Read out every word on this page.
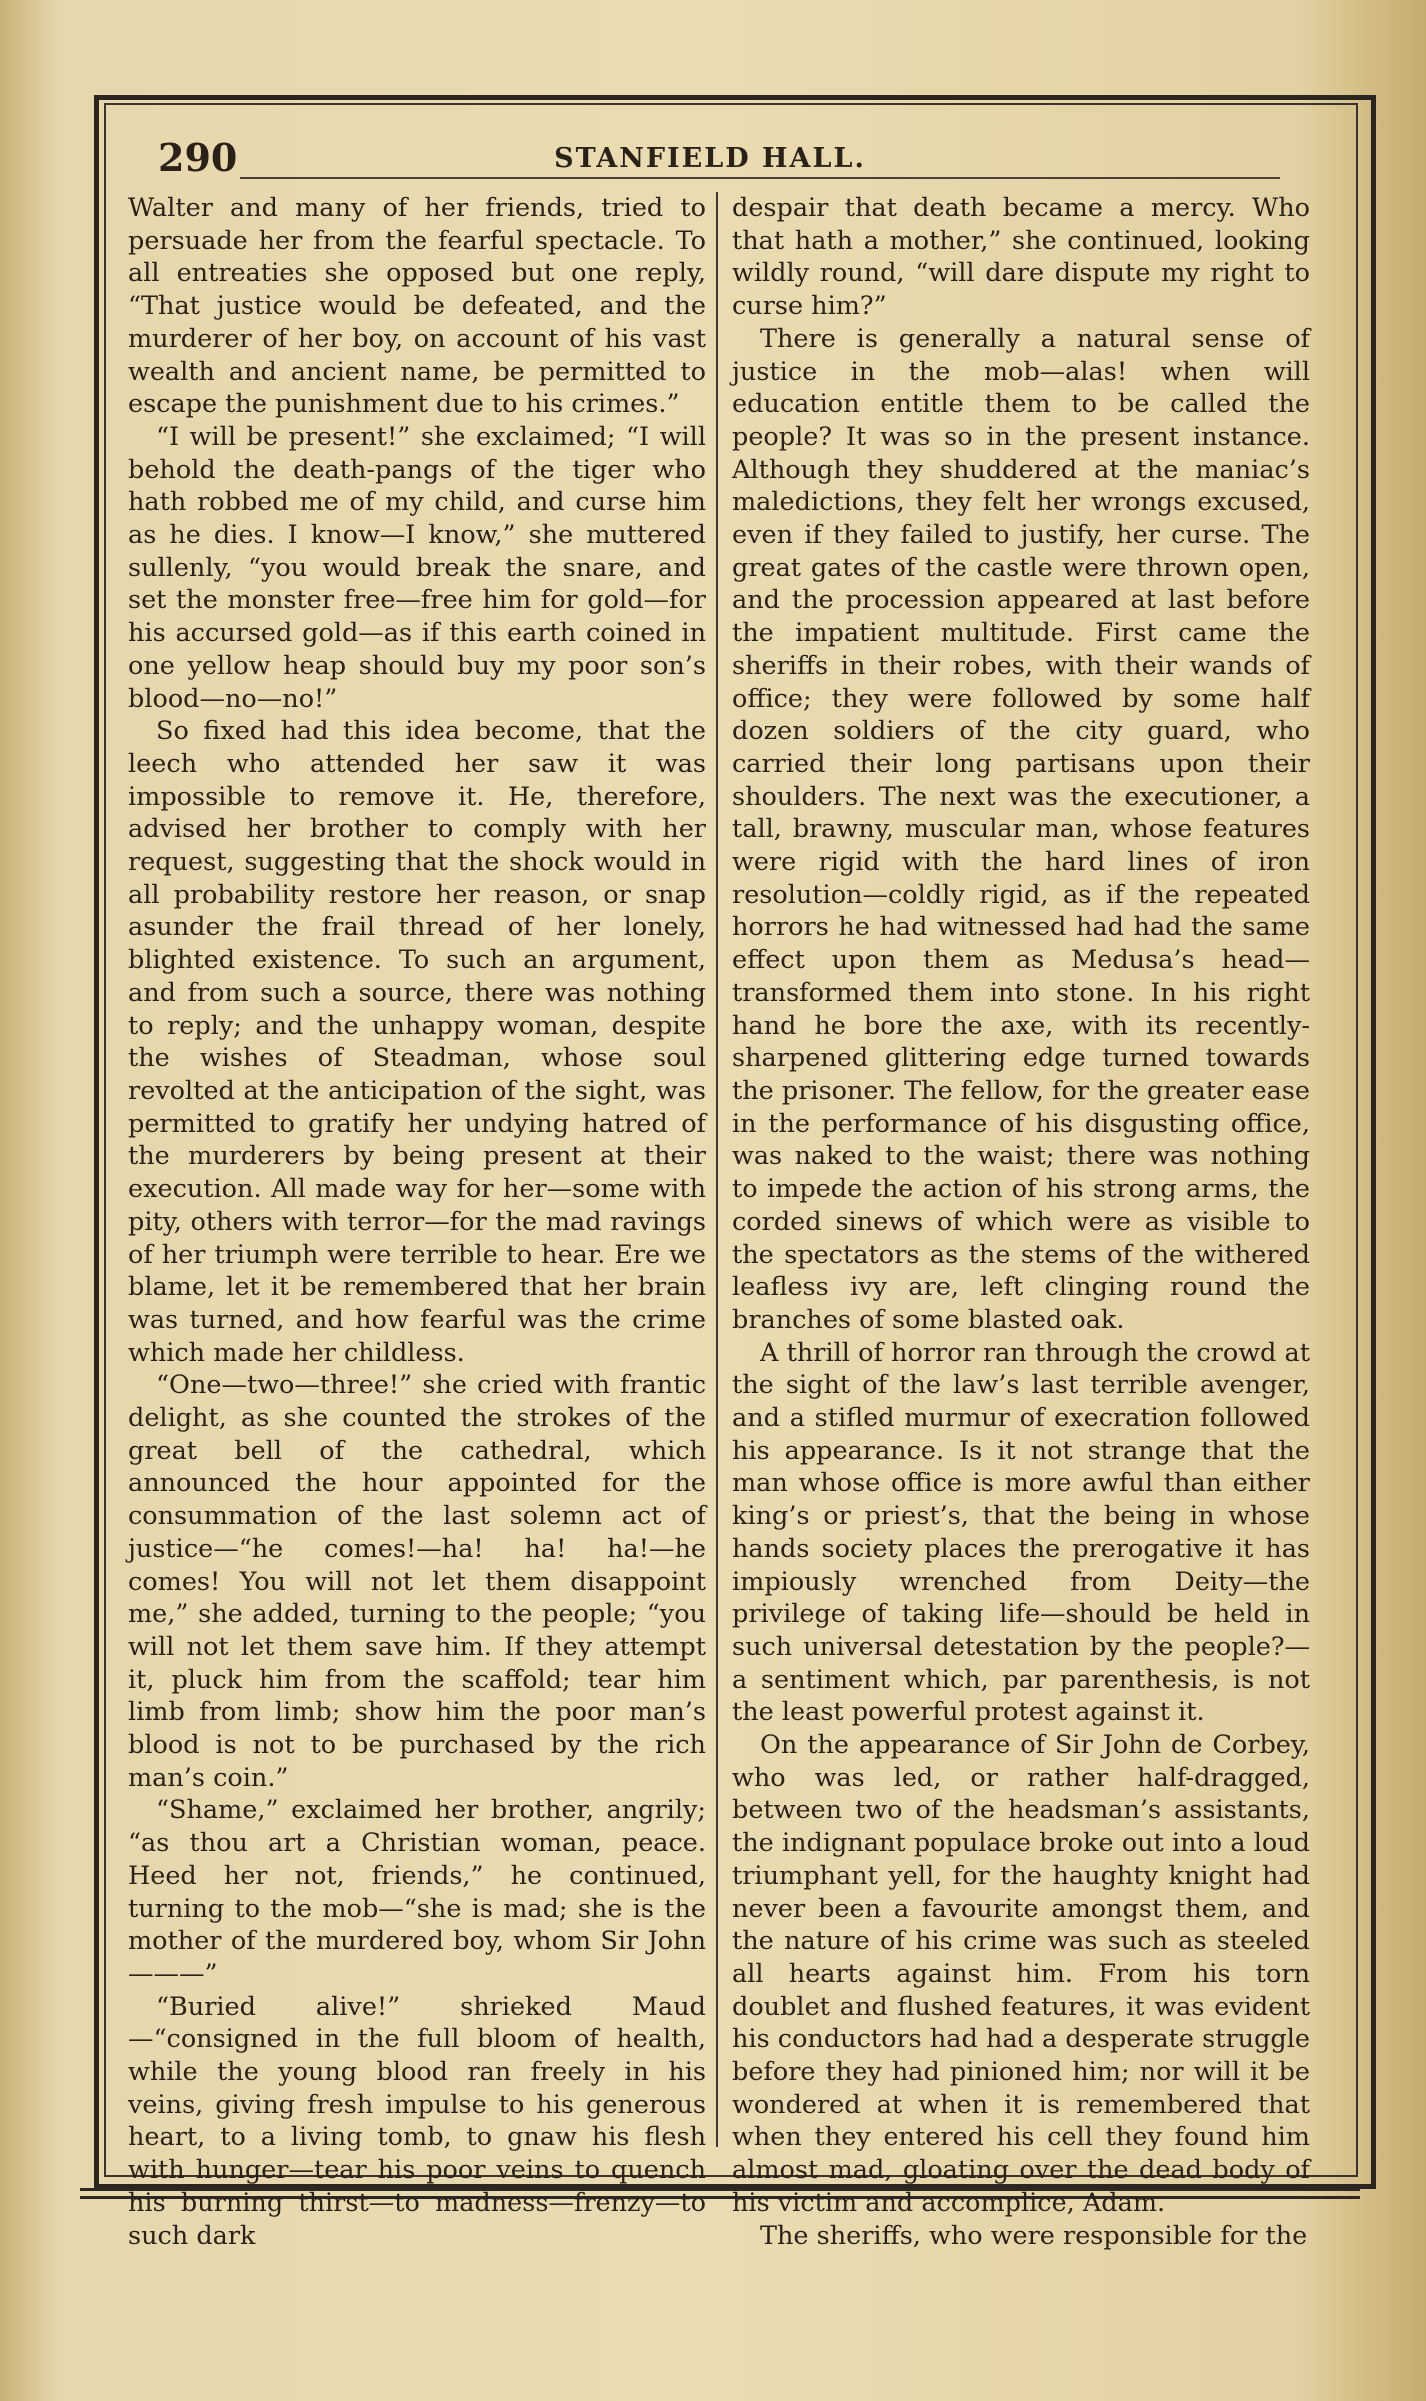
290	STANFIELD HALL.

Walter and many of her friends, tried to persuade her from the fearful spectacle. To all entreaties she opposed but one reply, “That justice would be defeated, and the murderer of her boy, on account of his vast wealth and ancient name, be permitted to escape the punishment due to his crimes.”

“I will be present!” she exclaimed; “I will behold the death-pangs of the tiger who hath robbed me of my child, and curse him as he dies. I know—I know,” she muttered sullenly, “you would break the snare, and set the monster free—free him for gold—for his accursed gold—as if this earth coined in one yellow heap should buy my poor son’s blood—no—no!”

So fixed had this idea become, that the leech who attended her saw it was impossible to remove it. He, therefore, advised her brother to comply with her request, suggesting that the shock would in all probability restore her reason, or snap asunder the frail thread of her lonely, blighted existence. To such an argument, and from such a source, there was nothing to reply; and the unhappy woman, despite the wishes of Steadman, whose soul revolted at the anticipation of the sight, was permitted to gratify her undying hatred of the murderers by being present at their execution. All made way for her—some with pity, others with terror—for the mad ravings of her triumph were terrible to hear. Ere we blame, let it be remembered that her brain was turned, and how fearful was the crime which made her childless.

“One—two—three!” she cried with frantic delight, as she counted the strokes of the great bell of the cathedral, which announced the hour appointed for the consummation of the last solemn act of justice—“he comes!—ha! ha! ha!—he comes! You will not let them disappoint me,” she added, turning to the people; “you will not let them save him. If they attempt it, pluck him from the scaffold; tear him limb from limb; show him the poor man’s blood is not to be purchased by the rich man’s coin.”

“Shame,” exclaimed her brother, angrily; “as thou art a Christian woman, peace. Heed her not, friends,” he continued, turning to the mob—“she is mad; she is the mother of the murdered boy, whom Sir John———”

“Buried alive!” shrieked Maud—“consigned in the full bloom of health, while the young blood ran freely in his veins, giving fresh impulse to his generous heart, to a living tomb, to gnaw his flesh with hunger—tear his poor veins to quench his burning thirst—to madness—frenzy—to such dark

despair that death became a mercy. Who that hath a mother,” she continued, looking wildly round, “will dare dispute my right to curse him?”

There is generally a natural sense of justice in the mob—alas! when will education entitle them to be called the people? It was so in the present instance. Although they shuddered at the maniac’s maledictions, they felt her wrongs excused, even if they failed to justify, her curse. The great gates of the castle were thrown open, and the procession appeared at last before the impatient multitude. First came the sheriffs in their robes, with their wands of office; they were followed by some half dozen soldiers of the city guard, who carried their long partisans upon their shoulders. The next was the executioner, a tall, brawny, muscular man, whose features were rigid with the hard lines of iron resolution—coldly rigid, as if the repeated horrors he had witnessed had had the same effect upon them as Medusa’s head—transformed them into stone. In his right hand he bore the axe, with its recently-sharpened glittering edge turned towards the prisoner. The fellow, for the greater ease in the performance of his disgusting office, was naked to the waist; there was nothing to impede the action of his strong arms, the corded sinews of which were as visible to the spectators as the stems of the withered leafless ivy are, left clinging round the branches of some blasted oak.

A thrill of horror ran through the crowd at the sight of the law’s last terrible avenger, and a stifled murmur of execration followed his appearance. Is it not strange that the man whose office is more awful than either king’s or priest’s, that the being in whose hands society places the prerogative it has impiously wrenched from Deity—the privilege of taking life—should be held in such universal detestation by the people?—a sentiment which, par parenthesis, is not the least powerful protest against it.

On the appearance of Sir John de Corbey, who was led, or rather half-dragged, between two of the headsman’s assistants, the indignant populace broke out into a loud triumphant yell, for the haughty knight had never been a favourite amongst them, and the nature of his crime was such as steeled all hearts against him. From his torn doublet and flushed features, it was evident his conductors had had a desperate struggle before they had pinioned him; nor will it be wondered at when it is remembered that when they entered his cell they found him almost mad, gloating over the dead body of his victim and accomplice, Adam.

The sheriffs, who were responsible for the
